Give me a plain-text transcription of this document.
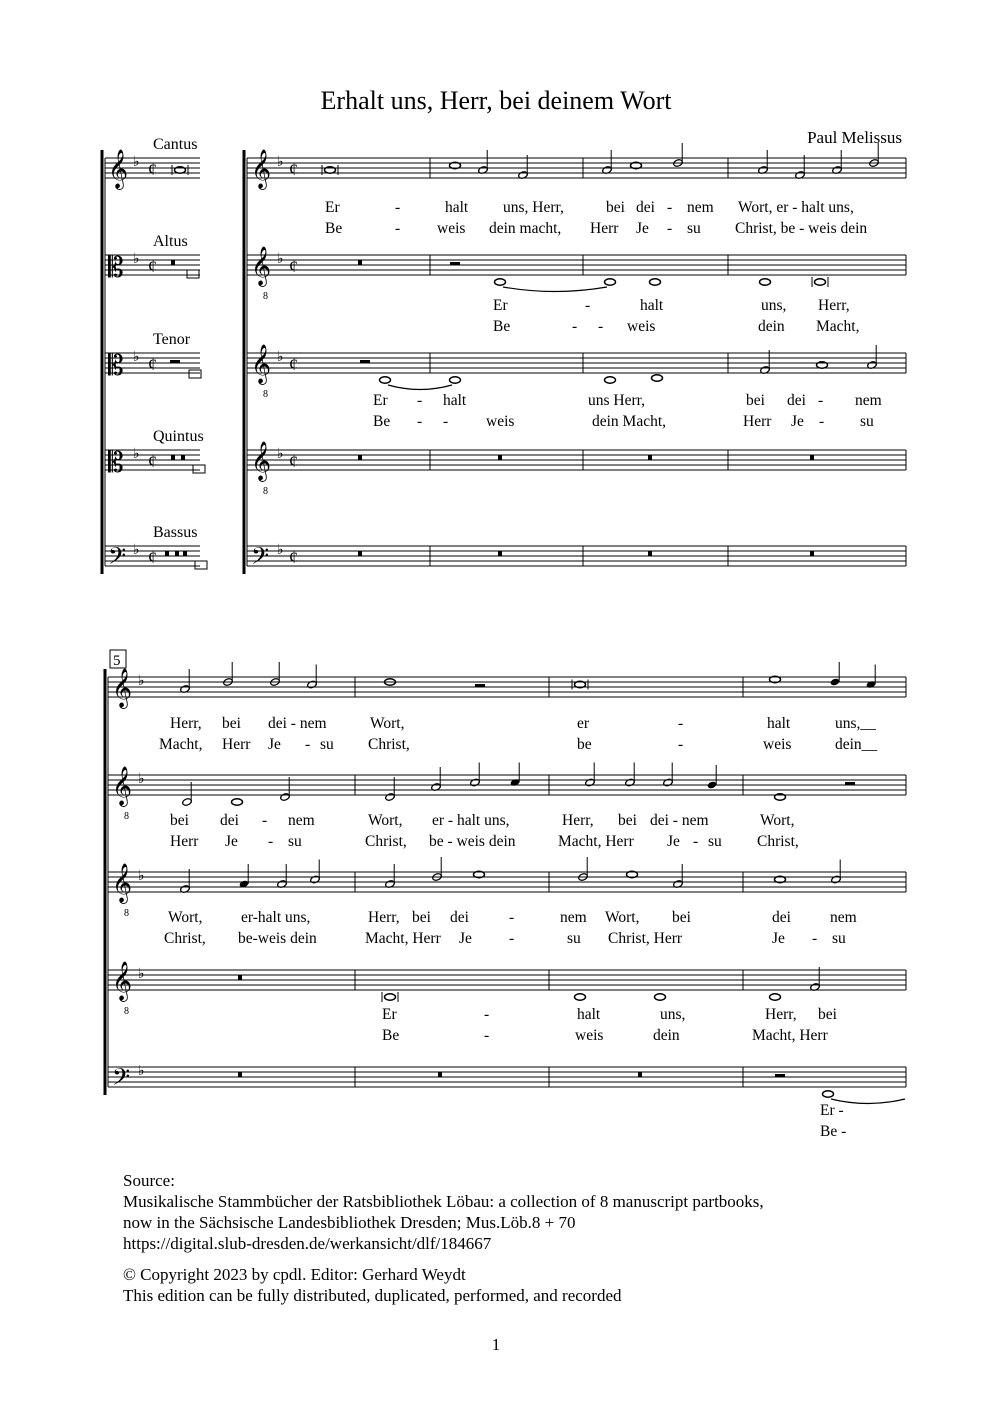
Erhalt uns, Herr, bei deinem Wort
Paul Melissus
Cantus
Altus
Tenor
Quintus
Bassus
𝄞 ♭ ¢	𝄞 ♭ ¢
𝄡 ♭ ¢	𝄞
8
♭ ¢
𝄡 ♭ ¢	𝄞
8
♭ ¢
𝄡 ♭ ¢	𝄞
8
♭ ¢
𝄢 ♭ ¢	𝄢 ♭ ¢
𝄞 ♭
𝄞
8
♭
𝄞
8
♭
𝄞
8
♭
𝄢 ♭
5
Er	-	halt uns, Herr,	bei dei - nem Wort, er - halt uns,
Be	- weis dein macht, Herr Je - su Christ, be - weis dein
Er	-	halt	uns, Herr,
Be	- - weis	dein Macht,
Er - halt	uns Herr,	bei dei - nem
Be - - weis	dein Macht,	Herr Je - su
Herr, bei dei - nem	Wort,	er	-	halt	uns,__
Macht, Herr Je - su Christ,	be	-	weis	dein__
bei dei - nem	Wort, er - halt uns,	Herr, bei dei - nem	Wort,
Herr Je - su	Christ, be - weis dein	Macht, Herr Je - su Christ,
Wort, er-halt uns,	Herr, bei dei	-	nem Wort, bei	dei	nem
Christ, be-weis dein	Macht, Herr Je -	su Christ, Herr	Je - su
Er	-	halt	uns,	Herr, bei
Be	-	weis	dein	Macht, Herr
Er -
Be -

Source:

Musikalische Stammbücher der Ratsbibliothek Löbau: a collection of 8 manuscript partbooks,

now in the Sächsische Landesbibliothek Dresden; Mus.Löb.8 + 70

https://digital.slub-dresden.de/werkansicht/dlf/184667

© Copyright 2023 by cpdl. Editor: Gerhard Weydt

This edition can be fully distributed, duplicated, performed, and recorded

1
